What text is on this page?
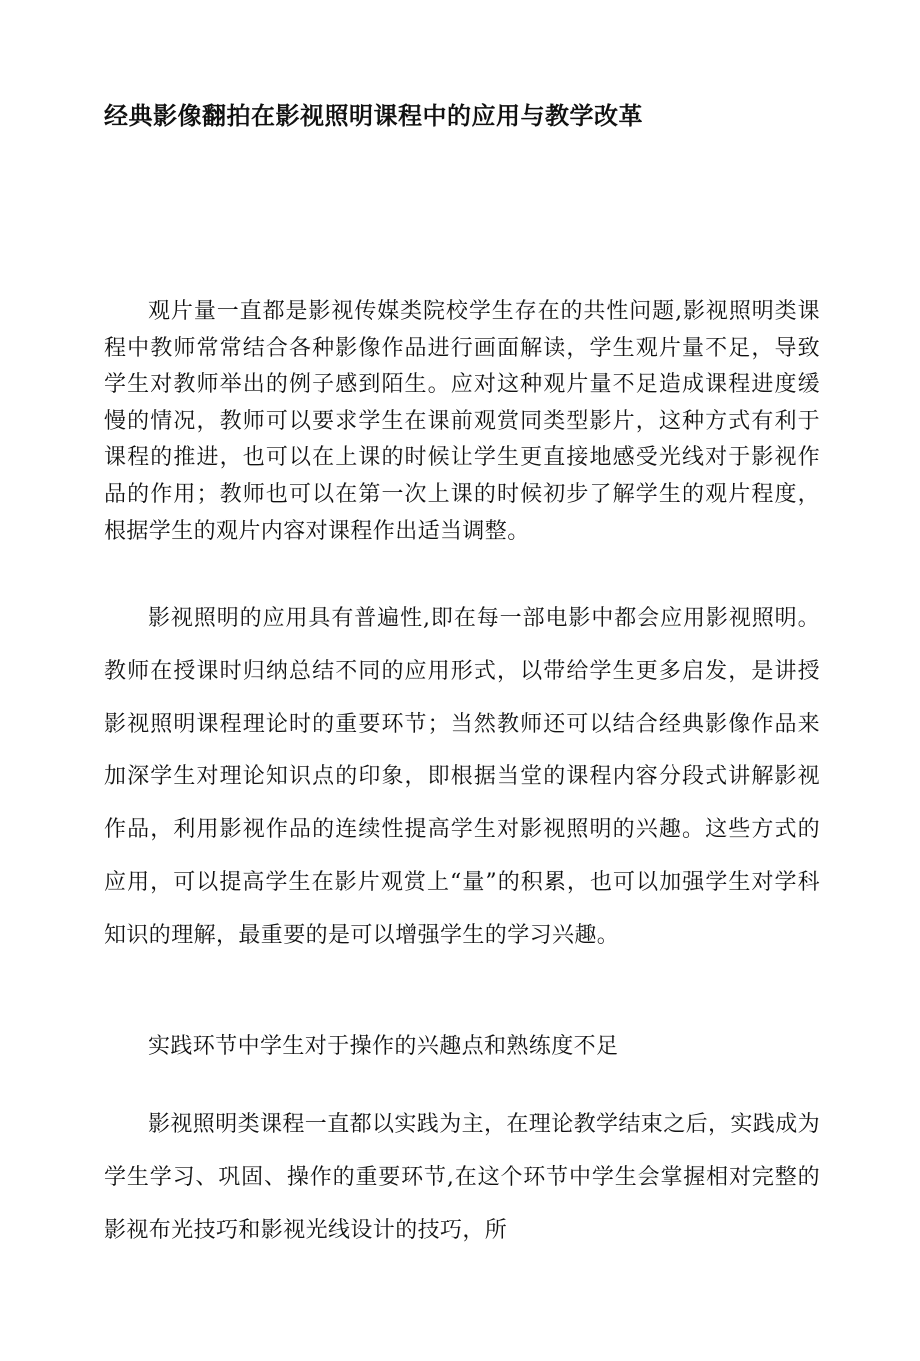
经典影像翻拍在影视照明课程中的应用与教学改革

观片量一直都是影视传媒类院校学生存在的共性问题,影视照明类课程中教师常常结合各种影像作品进行画面解读，学生观片量不足，导致学生对教师举出的例子感到陌生。应对这种观片量不足造成课程进度缓慢的情况，教师可以要求学生在课前观赏同类型影片，这种方式有利于课程的推进，也可以在上课的时候让学生更直接地感受光线对于影视作品的作用；教师也可以在第一次上课的时候初步了解学生的观片程度，根据学生的观片内容对课程作出适当调整。

影视照明的应用具有普遍性,即在每一部电影中都会应用影视照明。教师在授课时归纳总结不同的应用形式，以带给学生更多启发，是讲授影视照明课程理论时的重要环节；当然教师还可以结合经典影像作品来加深学生对理论知识点的印象，即根据当堂的课程内容分段式讲解影视作品，利用影视作品的连续性提高学生对影视照明的兴趣。这些方式的应用，可以提高学生在影片观赏上“量”的积累，也可以加强学生对学科知识的理解，最重要的是可以增强学生的学习兴趣。

实践环节中学生对于操作的兴趣点和熟练度不足

影视照明类课程一直都以实践为主，在理论教学结束之后，实践成为学生学习、巩固、操作的重要环节,在这个环节中学生会掌握相对完整的影视布光技巧和影视光线设计的技巧，所
